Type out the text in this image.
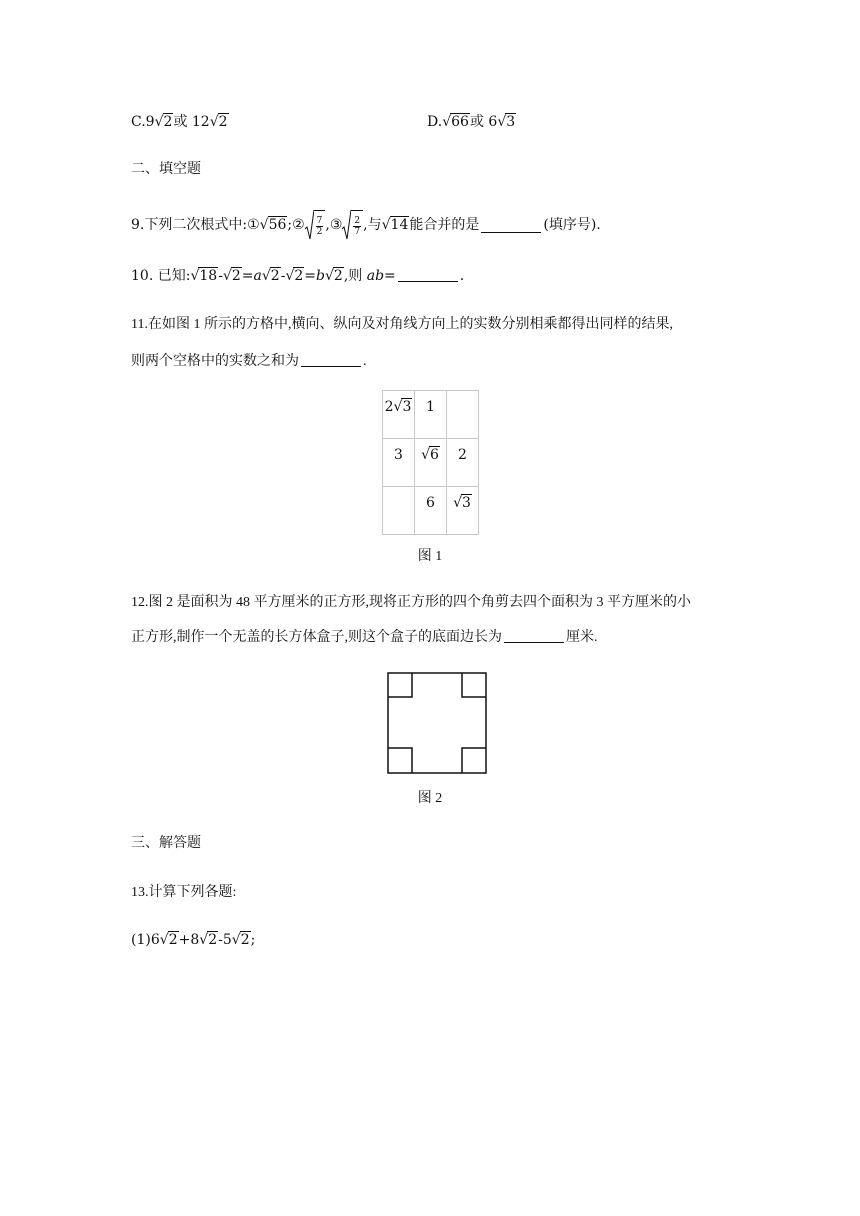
C.9√2或 12√2	D.√66或 6√3
二、填空题
9.下列二次根式中: ① √56 ; ② $\frac{7}{2}$ , ③ $\frac{2}{7}$ ,与 √14 能合并的是	(填序号).
10. 已知:√18-√2=a√2-√2=b√2,则 ab=	.
11.在如图 1 所示的方格中,横向、纵向及对角线方向上的实数分别相乘都得出同样的结果,
则两个空格中的实数之和为	.
2√3	1	
3	√6	2
	6	√3
图 1
12.图 2 是面积为 48 平方厘米的正方形,现将正方形的四个角剪去四个面积为 3 平方厘米的小
正方形,制作一个无盖的长方体盒子,则这个盒子的底面边长为	厘米.
图 2
三、解答题
13.计算下列各题:
(1)6√2+8√2-5√2;
